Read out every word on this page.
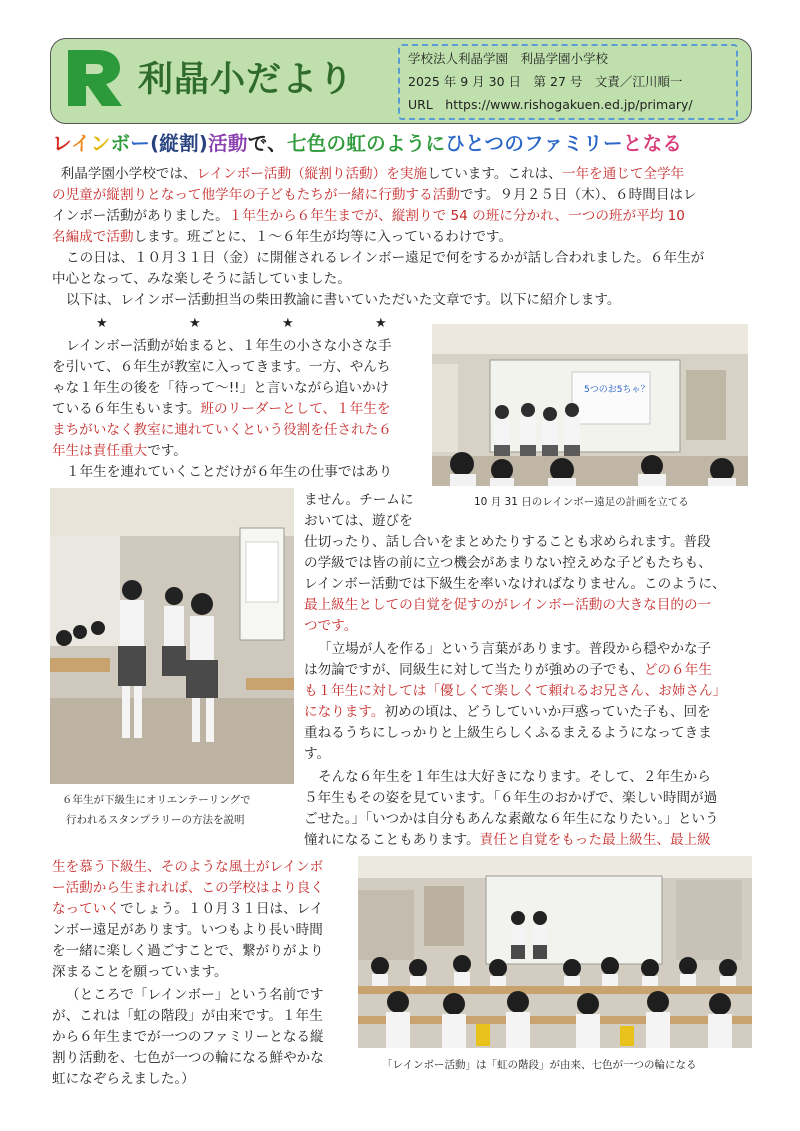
利晶小だより
学校法人利晶学園　利晶学園小学校
2025 年 9 月 30 日　第 27 号　文責／江川順一
URL　https://www.rishogakuen.ed.jp/primary/
レインボー(縦割)活動で、七色の虹のようにひとつのファミリーとなる
利晶学園小学校では、レインボー活動（縦割り活動）を実施しています。これは、一年を通じて全学年
の児童が縦割りとなって他学年の子どもたちが一緒に行動する活動です。９月２５日（木）、６時間目はレ
インボー活動がありました。１年生から６年生までが、縦割りで 54 の班に分かれ、一つの班が平均 10
名編成で活動します。班ごとに、１～６年生が均等に入っているわけです。
この日は、１０月３１日（金）に開催されるレインボー遠足で何をするかが話し合われました。６年生が
中心となって、みな楽しそうに話していました。
以下は、レインボー活動担当の柴田教諭に書いていただいた文章です。以下に紹介します。
★	★	★	★
レインボー活動が始まると、１年生の小さな小さな手
を引いて、６年生が教室に入ってきます。一方、やんち
ゃな１年生の後を「待って～!!」と言いながら追いかけ
ている６年生もいます。班のリーダーとして、１年生を
まちがいなく教室に連れていくという役割を任された６
年生は責任重大です。
１年生を連れていくことだけが６年生の仕事ではあり
5つのお5ちゃ？
10 月 31 日のレインボー遠足の計画を立てる
６年生が下級生にオリエンテーリングで
行われるスタンプラリーの方法を説明
ません。チームに
おいては、遊びを
仕切ったり、話し合いをまとめたりすることも求められます。普段
の学級では皆の前に立つ機会があまりない控えめな子どもたちも、
レインボー活動では下級生を率いなければなりません。このように、
最上級生としての自覚を促すのがレインボー活動の大きな目的の一
つです。
「立場が人を作る」という言葉があります。普段から穏やかな子
は勿論ですが、同級生に対して当たりが強めの子でも、どの６年生
も１年生に対しては「優しくて楽しくて頼れるお兄さん、お姉さん」
になります。初めの頃は、どうしていいか戸惑っていた子も、回を
重ねるうちにしっかりと上級生らしくふるまえるようになってきま
す。
そんな６年生を１年生は大好きになります。そして、２年生から
５年生もその姿を見ています。「６年生のおかげで、楽しい時間が過
ごせた。」「いつかは自分もあんな素敵な６年生になりたい。」という
憧れになることもあります。責任と自覚をもった最上級生、最上級
生を慕う下級生、そのような風土がレインボ
ー活動から生まれれば、この学校はより良く
なっていくでしょう。１０月３１日は、レイ
ンボー遠足があります。いつもより長い時間
を一緒に楽しく過ごすことで、繋がりがより
深まることを願っています。
（ところで「レインボー」という名前です
が、これは「虹の階段」が由来です。１年生
から６年生までが一つのファミリーとなる縦
割り活動を、七色が一つの輪になる鮮やかな
虹になぞらえました。）
「レインボー活動」は「虹の階段」が由来、七色が一つの輪になる
